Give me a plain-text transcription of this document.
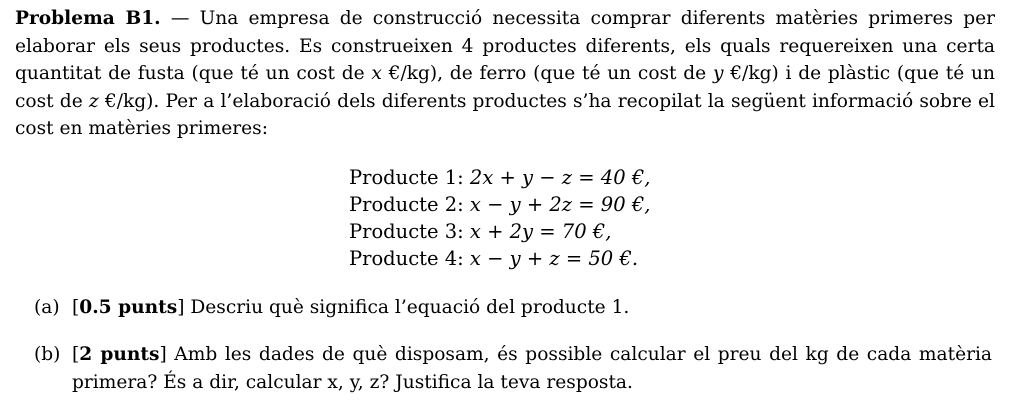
Problema B1. — Una empresa de construcció necessita comprar diferents matèries primeres per elaborar els seus productes. Es construeixen 4 productes diferents, els quals requereixen una certa quantitat de fusta (que té un cost de x €/kg), de ferro (que té un cost de y €/kg) i de plàstic (que té un cost de z €/kg). Per a l’elaboració dels diferents productes s’ha recopilat la següent informació sobre el cost en matèries primeres:
Producte 1: 2x + y − z = 40 €,
Producte 2: x − y + 2z = 90 €,
Producte 3: x + 2y = 70 €,
Producte 4: x − y + z = 50 €.
(a) [0.5 punts] Descriu què significa l’equació del producte 1.
(b) [2 punts] Amb les dades de què disposam, és possible calcular el preu del kg de cada matèria primera? És a dir, calcular x, y, z? Justifica la teva resposta.
